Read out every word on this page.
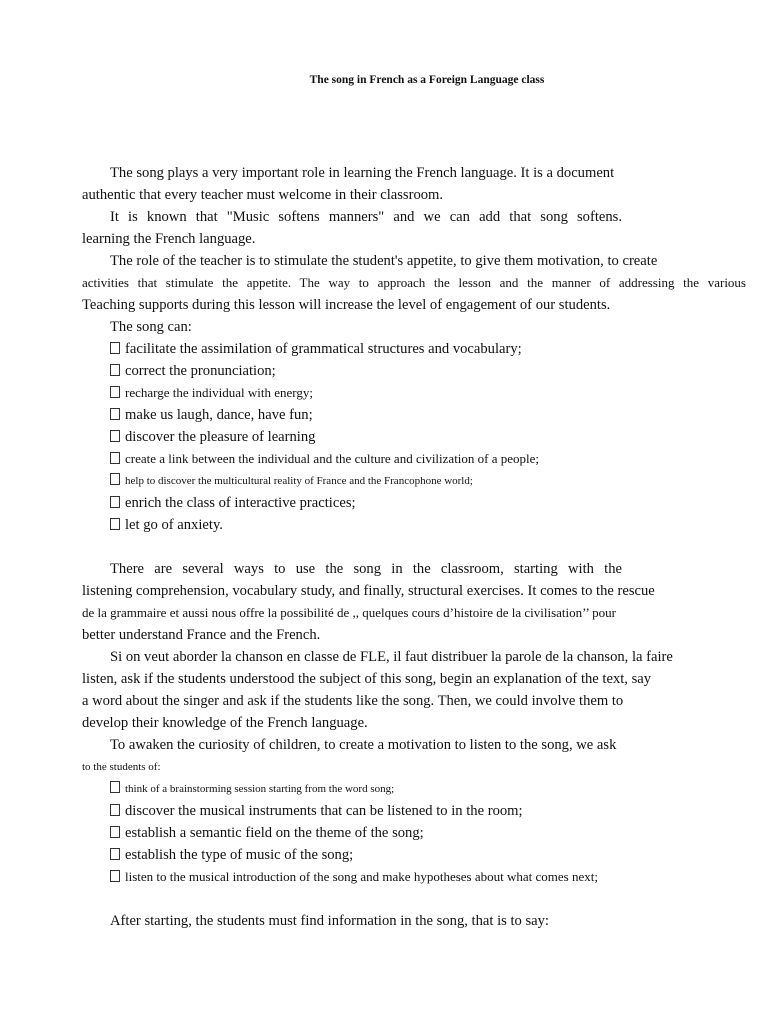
The song in French as a Foreign Language class
The song plays a very important role in learning the French language. It is a document
authentic that every teacher must welcome in their classroom.
It is known that "Music softens manners" and we can add that song softens.
learning the French language.
The role of the teacher is to stimulate the student's appetite, to give them motivation, to create
activities that stimulate the appetite. The way to approach the lesson and the manner of addressing the various
Teaching supports during this lesson will increase the level of engagement of our students.
The song can:
facilitate the assimilation of grammatical structures and vocabulary;
correct the pronunciation;
recharge the individual with energy;
make us laugh, dance, have fun;
discover the pleasure of learning
create a link between the individual and the culture and civilization of a people;
help to discover the multicultural reality of France and the Francophone world;
enrich the class of interactive practices;
let go of anxiety.
There are several ways to use the song in the classroom, starting with the
listening comprehension, vocabulary study, and finally, structural exercises. It comes to the rescue
de la grammaire et aussi nous offre la possibilité de ,, quelques cours d’histoire de la civilisation’’ pour
better understand France and the French.
Si on veut aborder la chanson en classe de FLE, il faut distribuer la parole de la chanson, la faire
listen, ask if the students understood the subject of this song, begin an explanation of the text, say
a word about the singer and ask if the students like the song. Then, we could involve them to
develop their knowledge of the French language.
To awaken the curiosity of children, to create a motivation to listen to the song, we ask
to the students of:
think of a brainstorming session starting from the word song;
discover the musical instruments that can be listened to in the room;
establish a semantic field on the theme of the song;
establish the type of music of the song;
listen to the musical introduction of the song and make hypotheses about what comes next;
After starting, the students must find information in the song, that is to say:
